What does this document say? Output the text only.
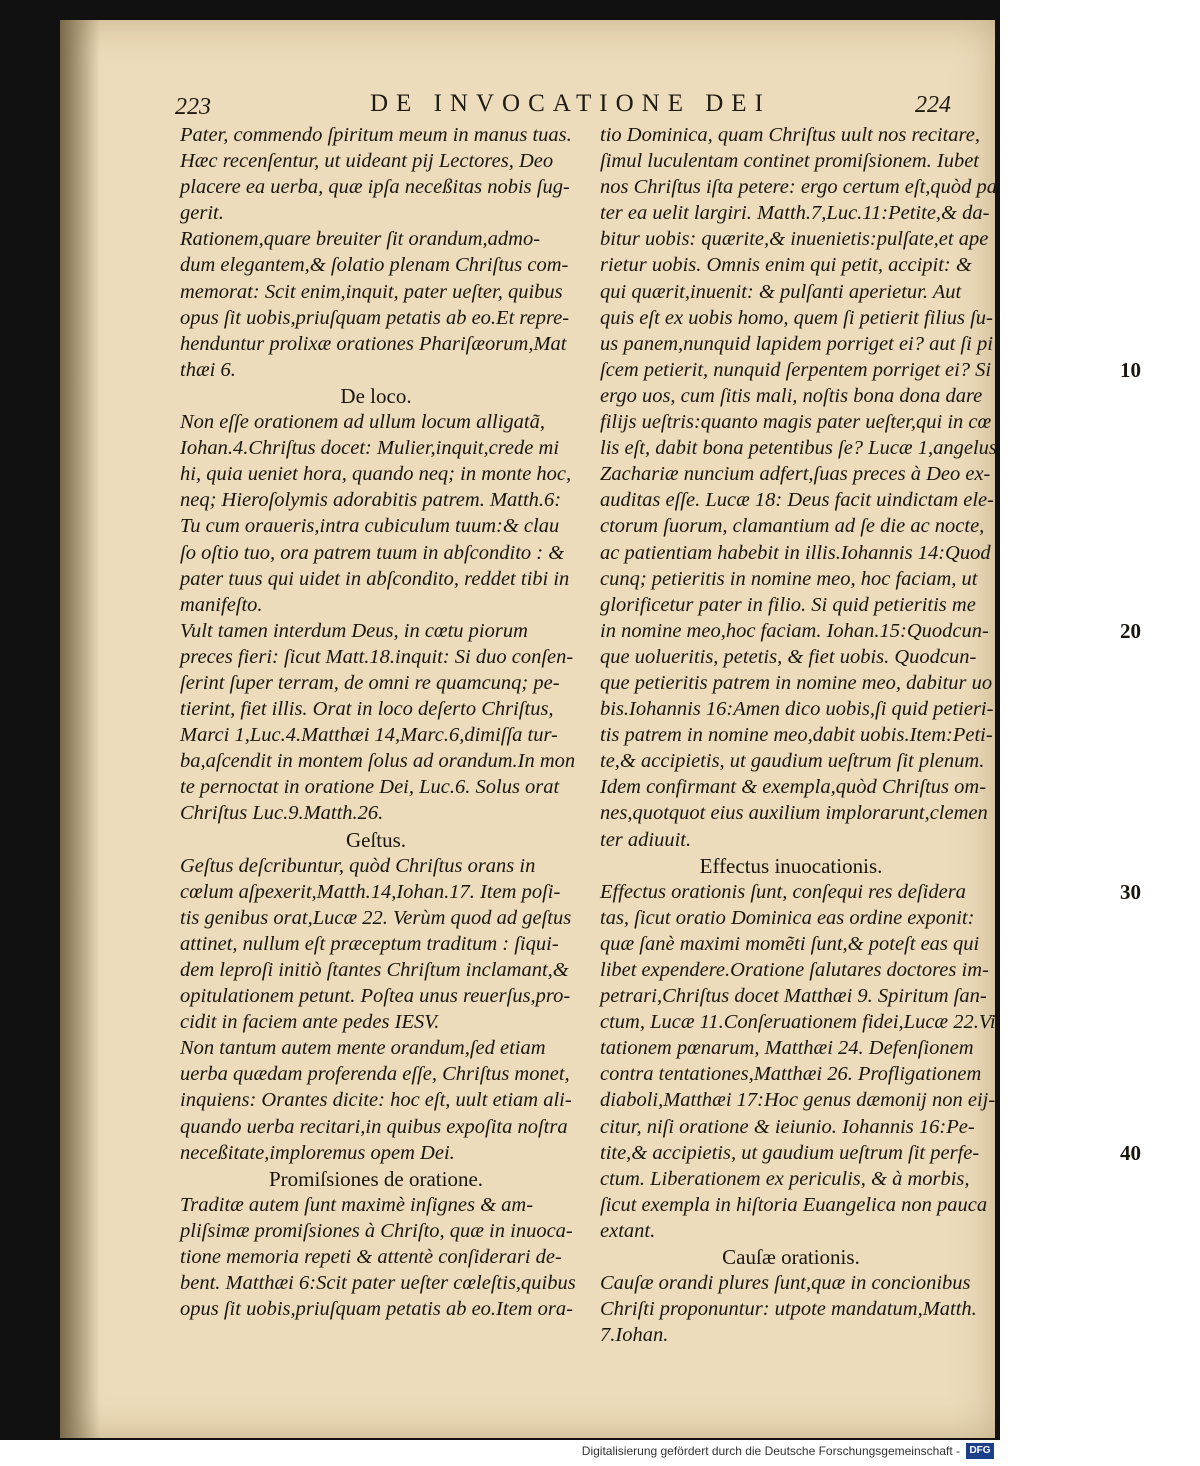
223	DE INVOCATIONE DEI	224
Pater, commendo ſpiritum meum in manus tuas.
Hæc recenſentur, ut uideant pij Lectores, Deo
placere ea uerba, quæ ipſa neceßitas nobis ſug-
gerit.
Rationem,quare breuiter ſit orandum,admo-
dum elegantem,& ſolatio plenam Chriſtus com-
memorat: Scit enim,inquit, pater ueſter, quibus
opus ſit uobis,priuſquam petatis ab eo.Et repre-
henduntur prolixæ orationes Phariſæorum,Mat
thæi 6.
De loco.
Non eſſe orationem ad ullum locum alligatã,
Iohan.4.Chriſtus docet: Mulier,inquit,crede mi
hi, quia ueniet hora, quando neq; in monte hoc,
neq; Hieroſolymis adorabitis patrem. Matth.6:
Tu cum oraueris,intra cubiculum tuum:& clau
ſo oſtio tuo, ora patrem tuum in abſcondito : &
pater tuus qui uidet in abſcondito, reddet tibi in
manifeſto.
Vult tamen interdum Deus, in cœtu piorum
preces fieri: ſicut Matt.18.inquit: Si duo conſen-
ſerint ſuper terram, de omni re quamcunq; pe-
tierint, fiet illis. Orat in loco deſerto Chriſtus,
Marci 1,Luc.4.Matthæi 14,Marc.6,dimiſſa tur-
ba,aſcendit in montem ſolus ad orandum.In mon
te pernoctat in oratione Dei, Luc.6. Solus orat
Chriſtus Luc.9.Matth.26.
Geſtus.
Geſtus deſcribuntur, quòd Chriſtus orans in
cœlum aſpexerit,Matth.14,Iohan.17. Item poſi-
tis genibus orat,Lucæ 22. Verùm quod ad geſtus
attinet, nullum eſt præceptum traditum : ſiqui-
dem leproſi initiò ſtantes Chriſtum inclamant,&
opitulationem petunt. Poſtea unus reuerſus,pro-
cidit in faciem ante pedes IESV.
Non tantum autem mente orandum,ſed etiam
uerba quædam proferenda eſſe, Chriſtus monet,
inquiens: Orantes dicite: hoc eſt, uult etiam ali-
quando uerba recitari,in quibus expoſita noſtra
neceßitate,imploremus opem Dei.
Promiſsiones de oratione.
Traditæ autem ſunt maximè inſignes & am-
pliſsimæ promiſsiones à Chriſto, quæ in inuoca-
tione memoria repeti & attentè conſiderari de-
bent. Matthæi 6:Scit pater ueſter cœleſtis,quibus
opus ſit uobis,priuſquam petatis ab eo.Item ora-
10
20
30
40
tio Dominica, quam Chriſtus uult nos recitare,
ſimul luculentam continet promiſsionem. Iubet
nos Chriſtus iſta petere: ergo certum eſt,quòd pa
ter ea uelit largiri. Matth.7,Luc.11:Petite,& da-
bitur uobis: quærite,& inuenietis:pulſate,et ape
rietur uobis. Omnis enim qui petit, accipit: &
qui quærit,inuenit: & pulſanti aperietur. Aut
quis eſt ex uobis homo, quem ſi petierit filius ſu-
us panem,nunquid lapidem porriget ei? aut ſi pi
ſcem petierit, nunquid ſerpentem porriget ei? Si
ergo uos, cum ſitis mali, noſtis bona dona dare
filijs ueſtris:quanto magis pater ueſter,qui in cœ
lis eſt, dabit bona petentibus ſe? Lucæ 1,angelus
Zachariæ nuncium adfert,ſuas preces à Deo ex-
auditas eſſe. Lucæ 18: Deus facit uindictam ele-
ctorum ſuorum, clamantium ad ſe die ac nocte,
ac patientiam habebit in illis.Iohannis 14:Quod
cunq; petieritis in nomine meo, hoc faciam, ut
glorificetur pater in filio. Si quid petieritis me
in nomine meo,hoc faciam. Iohan.15:Quodcun-
que uolueritis, petetis, & fiet uobis. Quodcun-
que petieritis patrem in nomine meo, dabitur uo
bis.Iohannis 16:Amen dico uobis,ſi quid petieri-
tis patrem in nomine meo,dabit uobis.Item:Peti-
te,& accipietis, ut gaudium ueſtrum ſit plenum.
Idem confirmant & exempla,quòd Chriſtus om-
nes,quotquot eius auxilium implorarunt,clemen
ter adiuuit.
Effectus inuocationis.
Effectus orationis ſunt, conſequi res deſidera
tas, ſicut oratio Dominica eas ordine exponit:
quæ ſanè maximi momẽti ſunt,& poteſt eas qui
libet expendere.Oratione ſalutares doctores im-
petrari,Chriſtus docet Matthæi 9. Spiritum ſan-
ctum, Lucæ 11.Conſeruationem fidei,Lucæ 22.Vi
tationem pœnarum, Matthæi 24. Defenſionem
contra tentationes,Matthæi 26. Profligationem
diaboli,Matthæi 17:Hoc genus dæmonij non eij-
citur, niſi oratione & ieiunio. Iohannis 16:Pe-
tite,& accipietis, ut gaudium ueſtrum ſit perfe-
ctum. Liberationem ex periculis, & à morbis,
ſicut exempla in hiſtoria Euangelica non pauca
extant.
Cauſæ orationis.
Cauſæ orandi plures ſunt,quæ in concionibus
Chriſti proponuntur: utpote mandatum,Matth.
7.Iohan.
Digitalisierung gefördert durch die Deutsche Forschungsgemeinschaft - DFG
